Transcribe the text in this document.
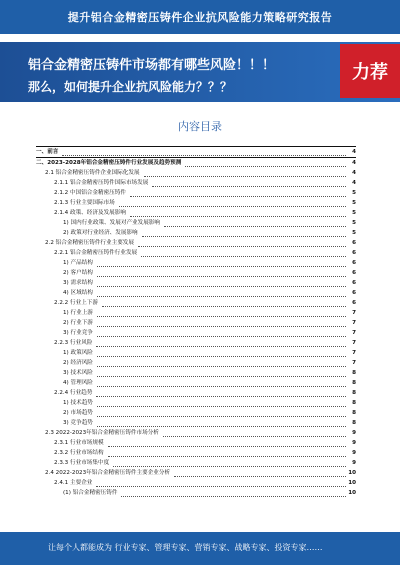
提升铝合金精密压铸件企业抗风险能力策略研究报告
铝合金精密压铸件市场都有哪些风险！！！
那么，如何提升企业抗风险能力？？？
力荐
内容目录
一、前言	4
二、2023-2028年铝合金精密压铸件行业发展及趋势预测	4
2.1 铝合金精密压铸件企业国际化发展	4
2.1.1 铝合金精密压铸件国际市场发展	4
2.1.2 中国铝合金精密压铸件	5
2.1.3 行业主要国际市场	5
2.1.4 政策、经济及发展影响	5
1) 国内行业政策、发展对产业发展影响	5
2) 政策对行业经济、发展影响	5
2.2 铝合金精密压铸件行业主要发展	6
2.2.1 铝合金精密压铸件行业发展	6
1) 产品结构	6
2) 客户结构	6
3) 需求结构	6
4) 区域结构	6
2.2.2 行业上下游	6
1) 行业上游	7
2) 行业下游	7
3) 行业竞争	7
2.2.3 行业风险	7
1) 政策风险	7
2) 经济风险	7
3) 技术风险	8
4) 管理风险	8
2.2.4 行业趋势	8
1) 技术趋势	8
2) 市场趋势	8
3) 竞争趋势	8
2.3 2022-2023年铝合金精密压铸件市场分析	9
2.3.1 行业市场规模	9
2.3.2 行业市场结构	9
2.3.3 行业市场集中度	9
2.4 2022-2023年铝合金精密压铸件主要企业分析	10
2.4.1 主要企业	10
(1) 铝合金精密压铸件	10
让每个人都能成为 行业专家、管理专家、营销专家、战略专家、投资专家……
